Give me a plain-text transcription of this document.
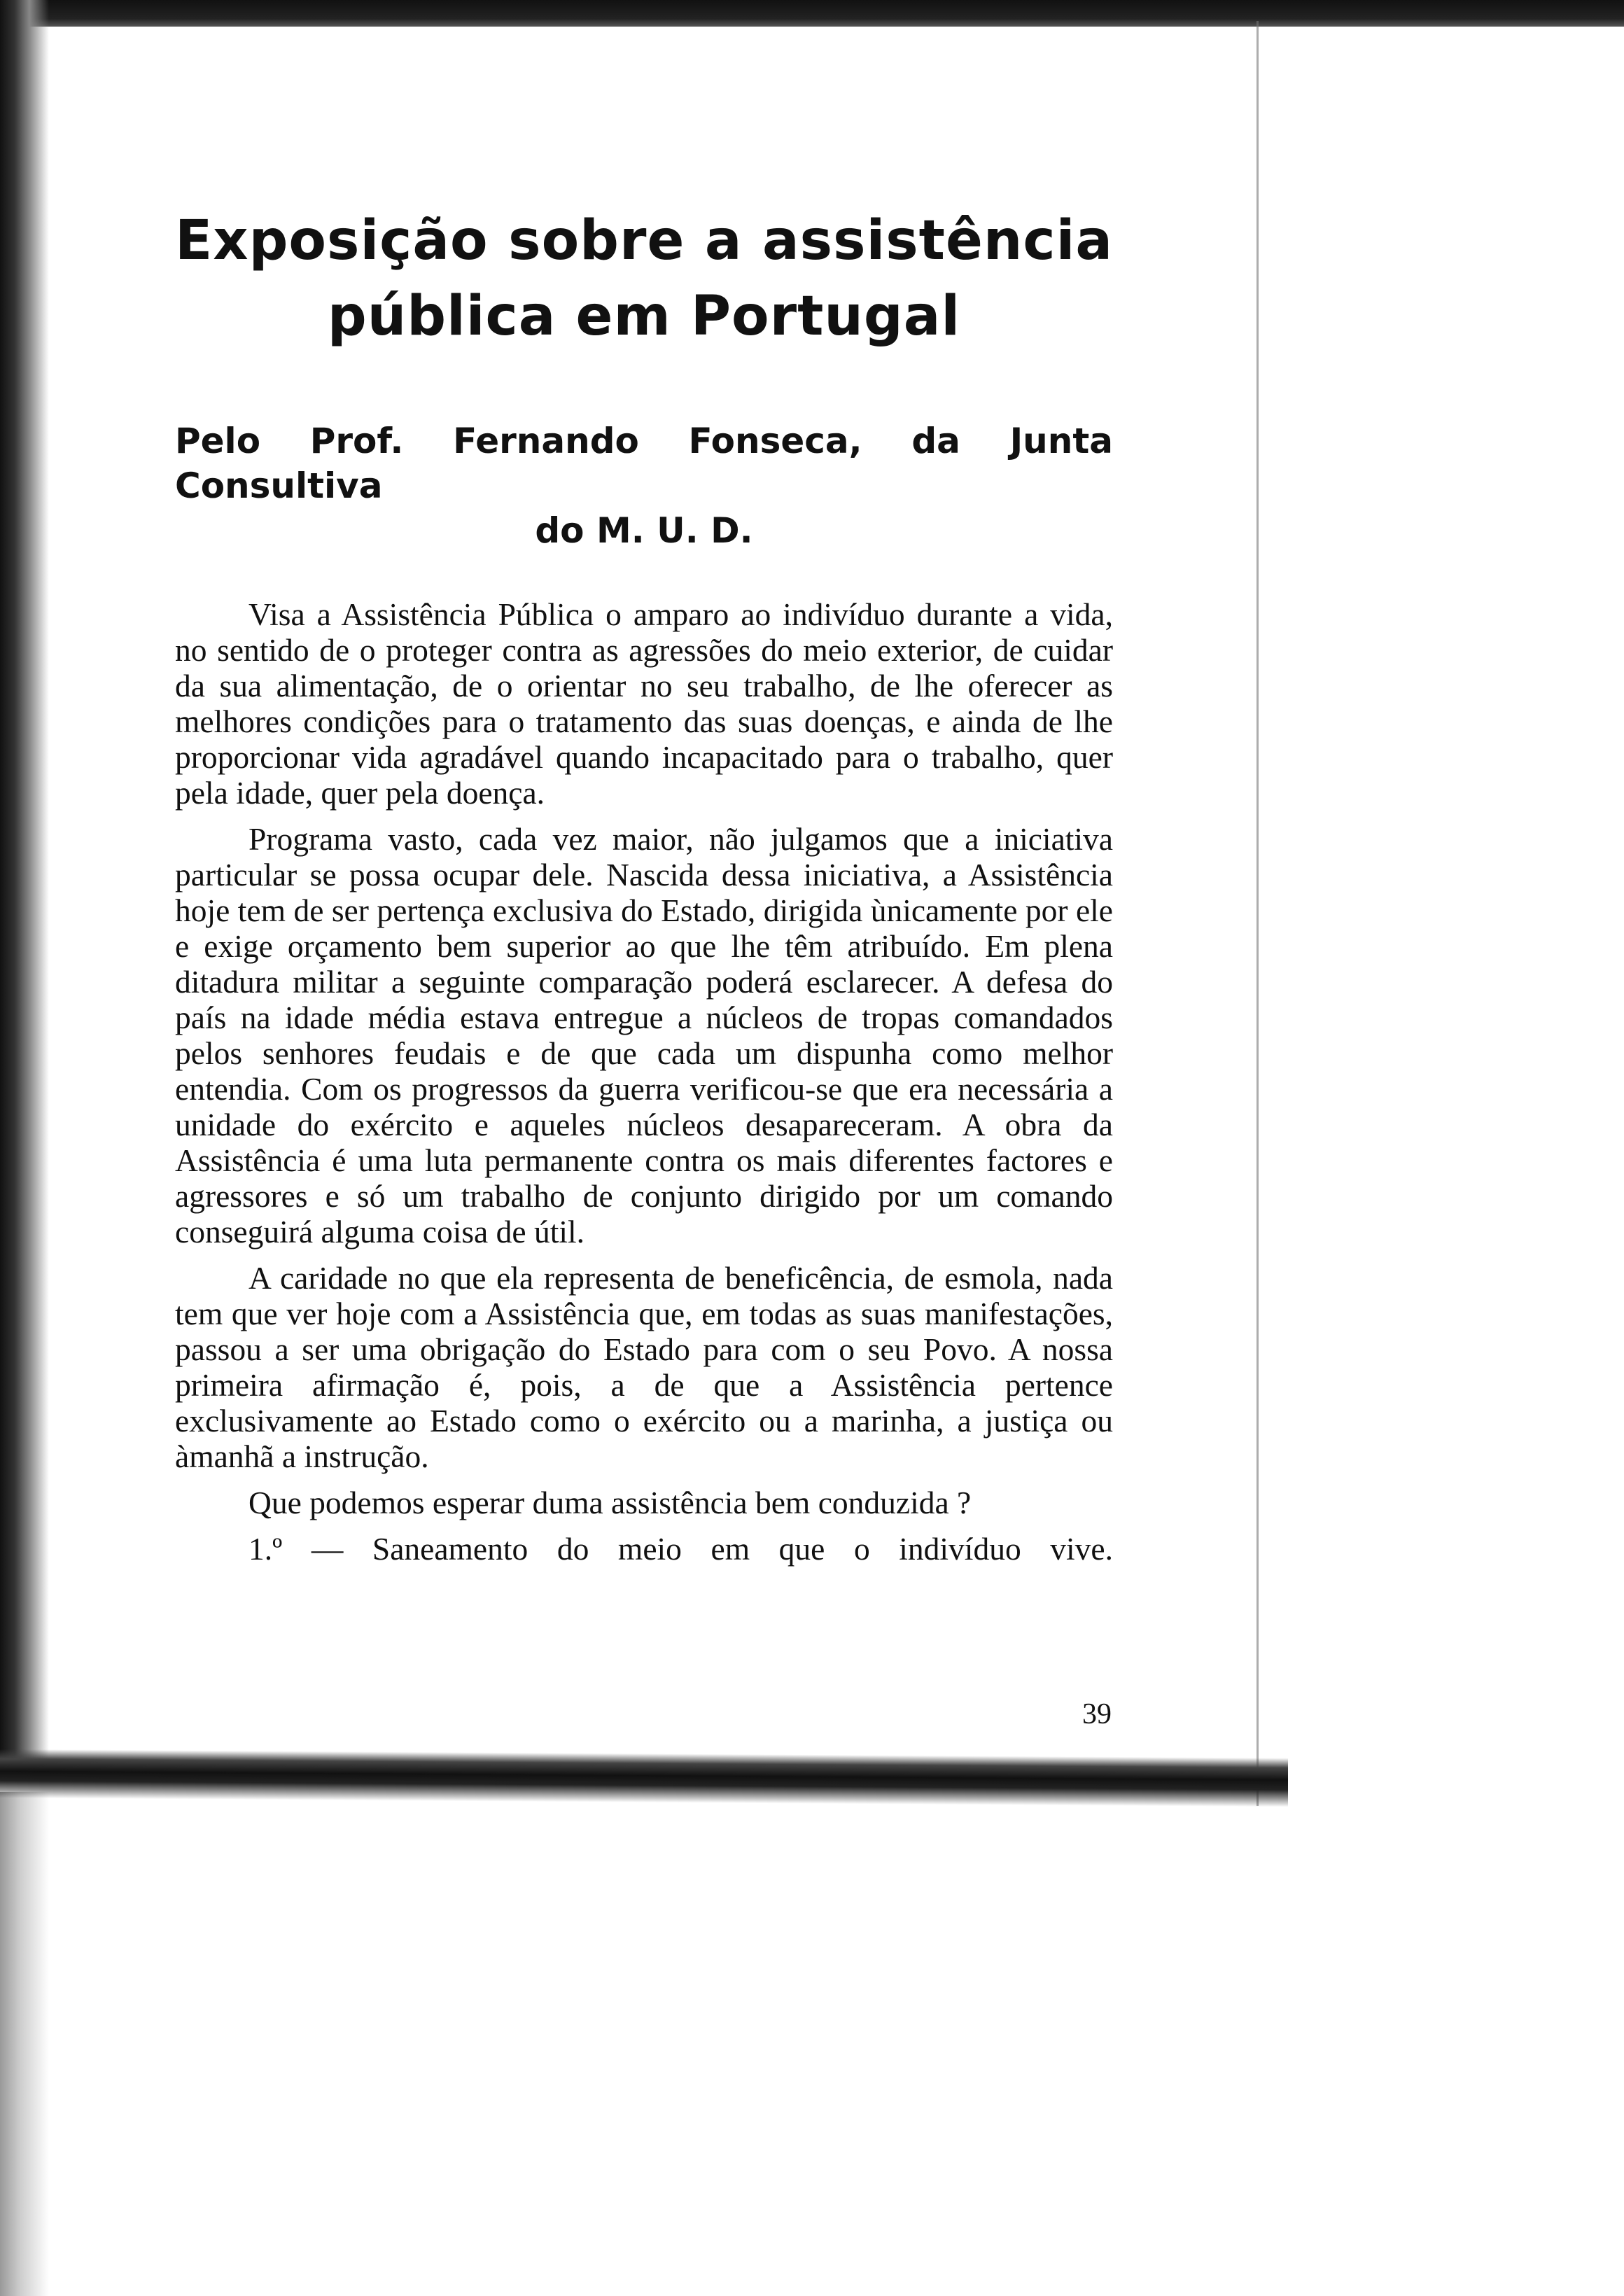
Exposição sobre a assistência
pública em Portugal
Pelo Prof. Fernando Fonseca, da Junta Consultiva
do M. U. D.

Visa a Assistência Pública o amparo ao indivíduo durante a vida, no sentido de o proteger contra as agressões do meio exterior, de cuidar da sua alimentação, de o orientar no seu trabalho, de lhe oferecer as melhores condições para o tratamento das suas doenças, e ainda de lhe proporcionar vida agradável quando incapacitado para o trabalho, quer pela idade, quer pela doença.

Programa vasto, cada vez maior, não julgamos que a iniciativa particular se possa ocupar dele. Nascida dessa iniciativa, a Assistência hoje tem de ser pertença exclusiva do Estado, dirigida ùnicamente por ele e exige orçamento bem superior ao que lhe têm atribuído. Em plena ditadura militar a seguinte comparação poderá esclarecer. A defesa do país na idade média estava entregue a núcleos de tropas comandados pelos senhores feudais e de que cada um dispunha como melhor entendia. Com os progressos da guerra verificou-se que era necessária a unidade do exército e aqueles núcleos desapareceram. A obra da Assistência é uma luta permanente contra os mais diferentes factores e agressores e só um trabalho de conjunto dirigido por um comando conseguirá alguma coisa de útil.

A caridade no que ela representa de beneficência, de esmola, nada tem que ver hoje com a Assistência que, em todas as suas manifestações, passou a ser uma obrigação do Estado para com o seu Povo. A nossa primeira afirmação é, pois, a de que a Assistência pertence exclusivamente ao Estado como o exército ou a marinha, a justiça ou àmanhã a instrução.

Que podemos esperar duma assistência bem conduzida ?

1.º — Saneamento do meio em que o indivíduo vive.

39
